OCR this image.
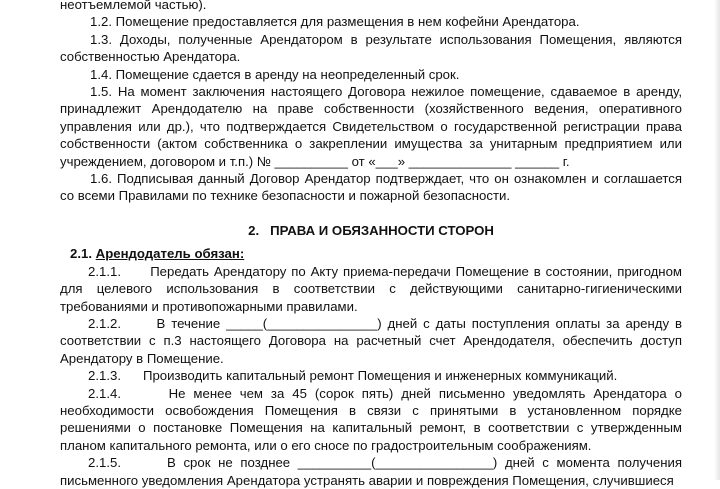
неотъемлемой частью).

1.2. Помещение предоставляется для размещения в нем кофейни Арендатора.

1.3. Доходы, полученные Арендатором в результате использования Помещения, являются собственностью Арендатора.

1.4. Помещение сдается в аренду на неопределенный срок.

1.5. На момент заключения настоящего Договора нежилое помещение, сдаваемое в аренду, принадлежит Арендодателю на праве собственности (хозяйственного ведения, оперативного управления или др.), что подтверждается Свидетельством о государственной регистрации права собственности (актом собственника о закреплении имущества за унитарным предприятием или учреждением, договором и т.п.) № __________ от «___» ______________ ______ г.

1.6. Подписывая данный Договор Арендатор подтверждает, что он ознакомлен и соглашается со всеми Правилами по технике безопасности и пожарной безопасности.

2.   ПРАВА И ОБЯЗАННОСТИ СТОРОН

2.1. Арендодатель обязан:

2.1.1.      Передать Арендатору по Акту приема-передачи Помещение в состоянии, пригодном для целевого использования в соответствии с действующими санитарно-гигиеническими требованиями и противопожарными правилами.

2.1.2.      В течение _____(_______________) дней с даты поступления оплаты за аренду в соответствии с п.3 настоящего Договора на расчетный счет Арендодателя, обеспечить доступ Арендатору в Помещение.

2.1.3.      Производить капитальный ремонт Помещения и инженерных коммуникаций.

2.1.4.      Не менее чем за 45 (сорок пять) дней письменно уведомлять Арендатора о необходимости освобождения Помещения в связи с принятыми в установленном порядке решениями о постановке Помещения на капитальный ремонт, в соответствии с утвержденным планом капитального ремонта, или о его сносе по градостроительным соображениям.

2.1.5.      В срок не позднее __________(________________) дней с момента получения письменного уведомления Арендатора устранять аварии и повреждения Помещения, случившиеся
